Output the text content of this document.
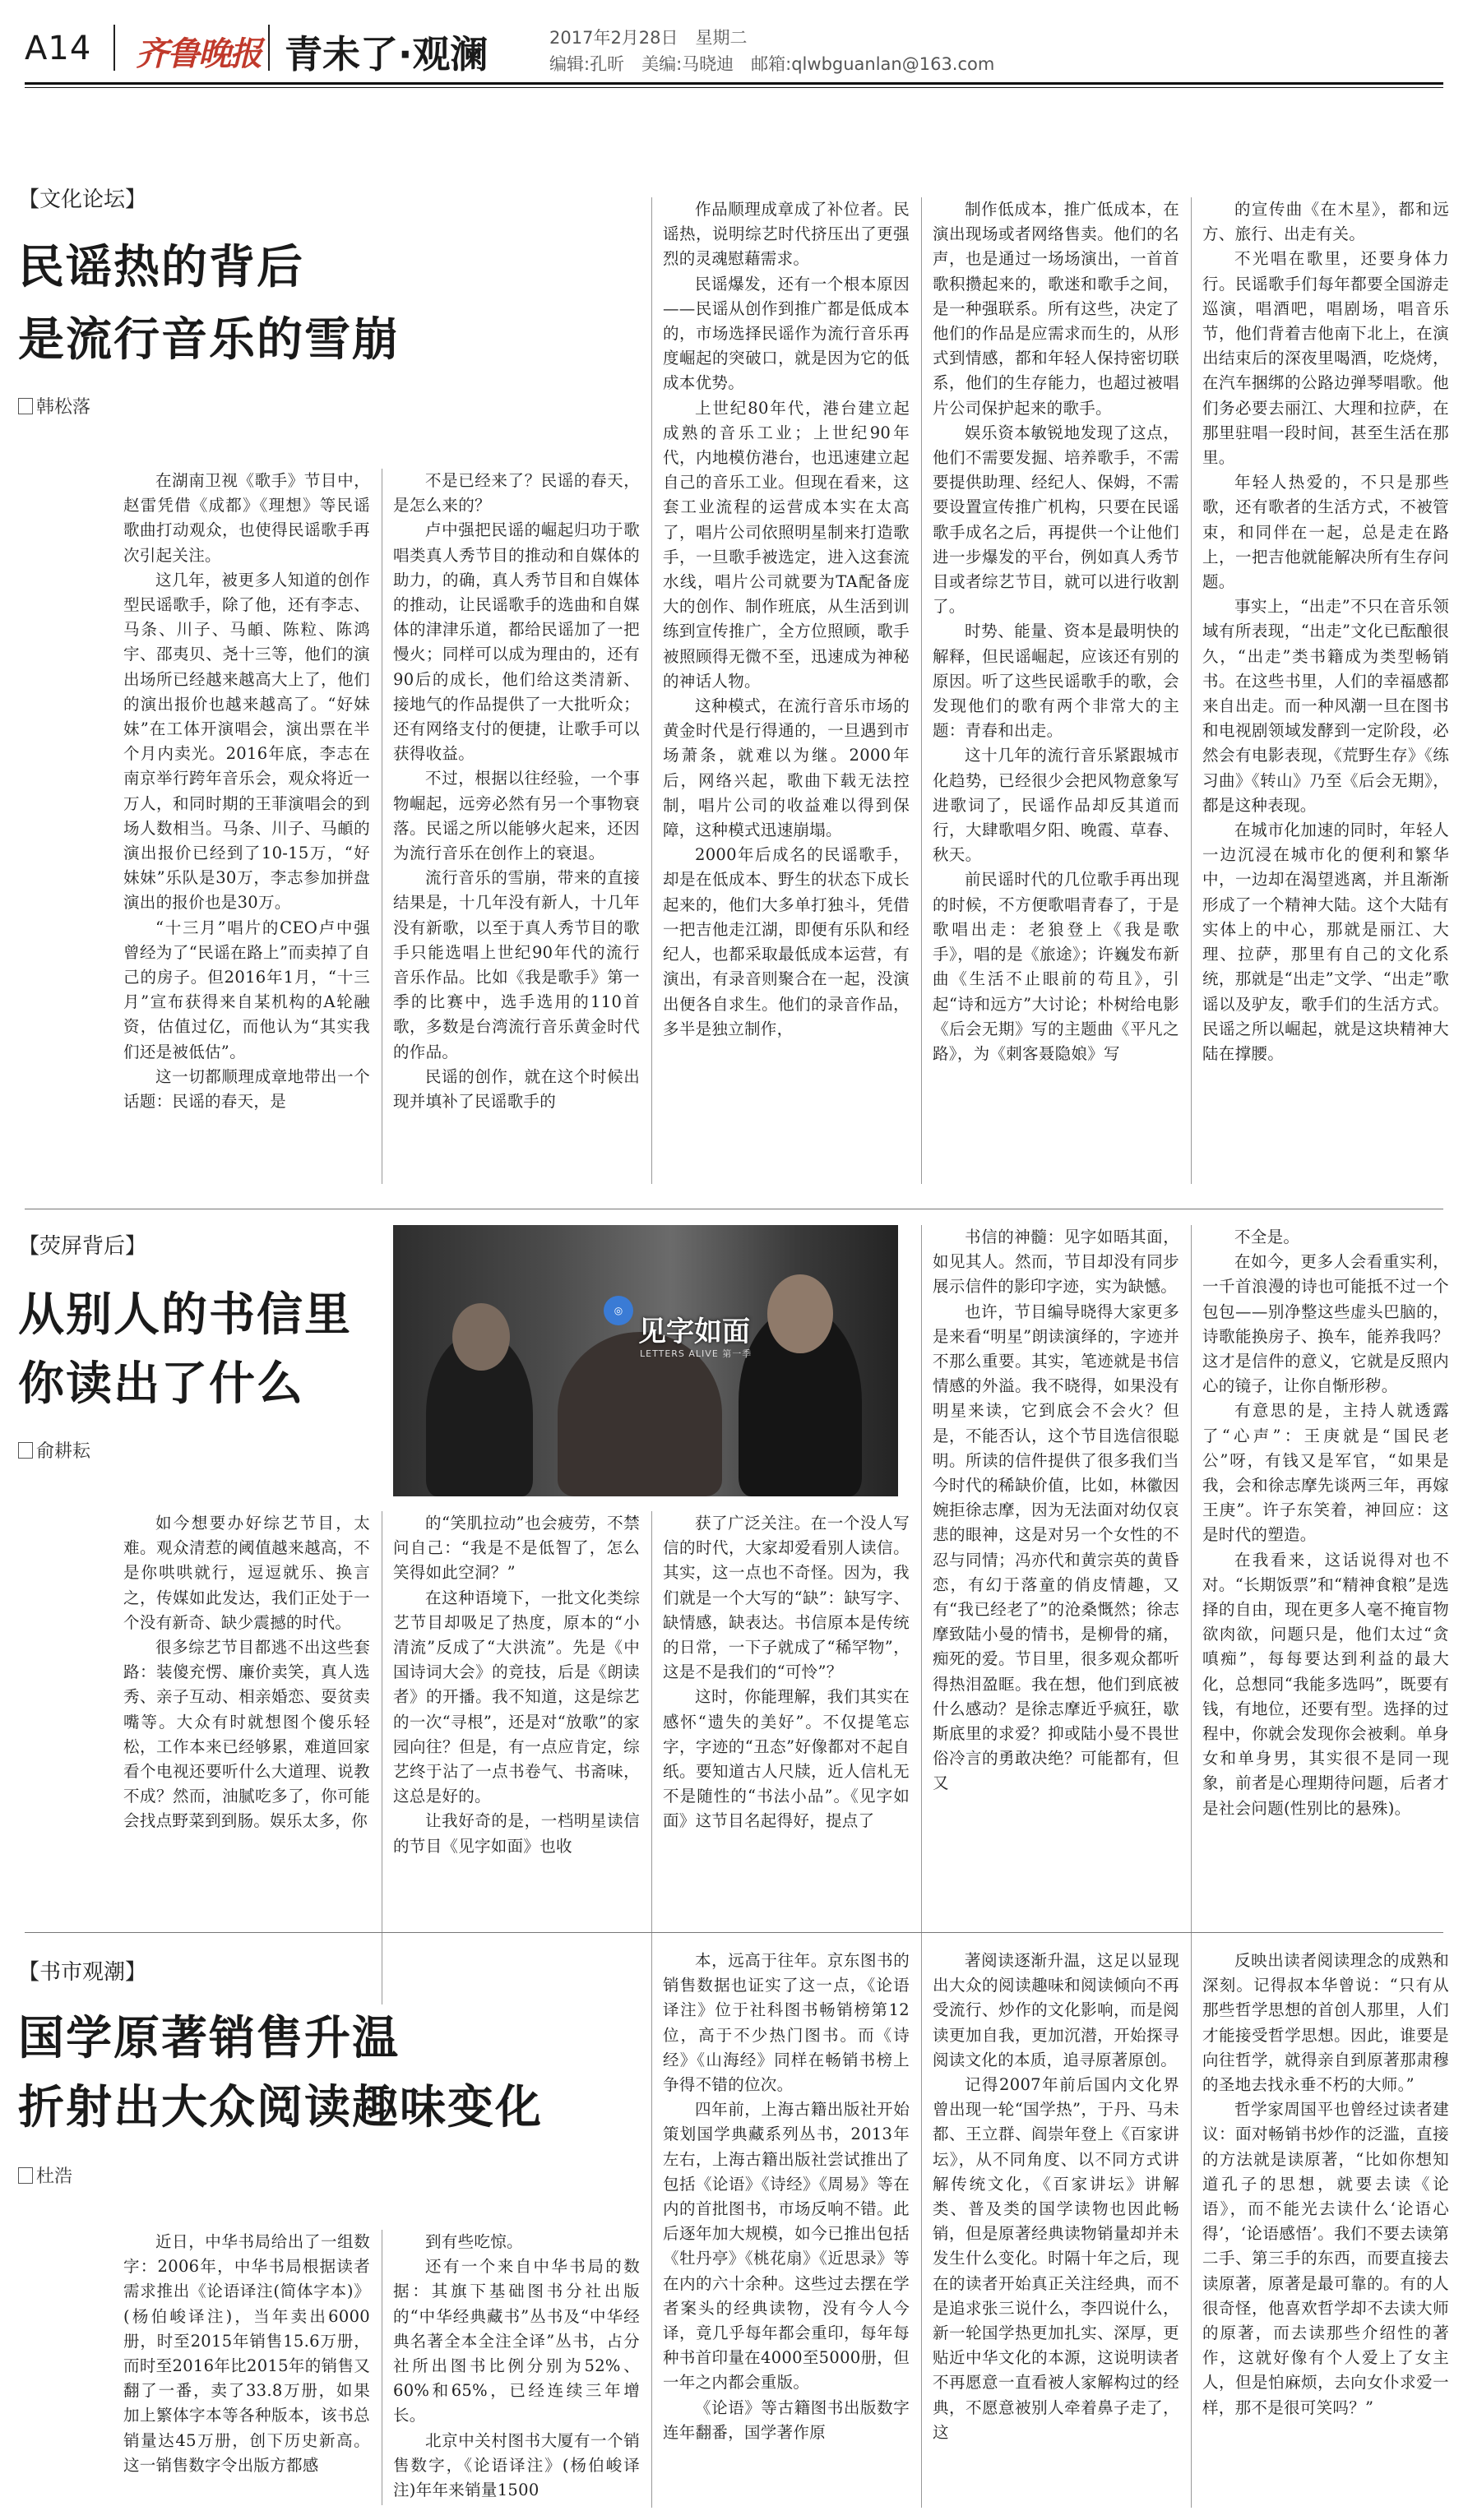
A14 齐鲁晚报 青未了·观澜	2017年2月28日　星期二
编辑:孔昕　美编:马晓迪　邮箱:qlwbguanlan@163.com
【文化论坛】
民谣热的背后
是流行音乐的雪崩
韩松落

在湖南卫视《歌手》节目中，赵雷凭借《成都》《理想》等民谣歌曲打动观众，也使得民谣歌手再次引起关注。

这几年，被更多人知道的创作型民谣歌手，除了他，还有李志、马条、川子、马頔、陈粒、陈鸿宇、邵夷贝、尧十三等，他们的演出场所已经越来越高大上了，他们的演出报价也越来越高了。“好妹妹”在工体开演唱会，演出票在半个月内卖光。2016年底，李志在南京举行跨年音乐会，观众将近一万人，和同时期的王菲演唱会的到场人数相当。马条、川子、马頔的演出报价已经到了10-15万，“好妹妹”乐队是30万，李志参加拼盘演出的报价也是30万。

“十三月”唱片的CEO卢中强曾经为了“民谣在路上”而卖掉了自己的房子。但2016年1月，“十三月”宣布获得来自某机构的A轮融资，估值过亿，而他认为“其实我们还是被低估”。

这一切都顺理成章地带出一个话题：民谣的春天，是

不是已经来了？民谣的春天，是怎么来的？

卢中强把民谣的崛起归功于歌唱类真人秀节目的推动和自媒体的助力，的确，真人秀节目和自媒体的推动，让民谣歌手的选曲和自媒体的津津乐道，都给民谣加了一把慢火；同样可以成为理由的，还有90后的成长，他们给这类清新、接地气的作品提供了一大批听众；还有网络支付的便捷，让歌手可以获得收益。

不过，根据以往经验，一个事物崛起，远旁必然有另一个事物衰落。民谣之所以能够火起来，还因为流行音乐在创作上的衰退。

流行音乐的雪崩，带来的直接结果是，十几年没有新人，十几年没有新歌，以至于真人秀节目的歌手只能选唱上世纪90年代的流行音乐作品。比如《我是歌手》第一季的比赛中，选手选用的110首歌，多数是台湾流行音乐黄金时代的作品。

民谣的创作，就在这个时候出现并填补了民谣歌手的

作品顺理成章成了补位者。民谣热，说明综艺时代挤压出了更强烈的灵魂慰藉需求。

民谣爆发，还有一个根本原因——民谣从创作到推广都是低成本的，市场选择民谣作为流行音乐再度崛起的突破口，就是因为它的低成本优势。

上世纪80年代，港台建立起成熟的音乐工业；上世纪90年代，内地模仿港台，也迅速建立起自己的音乐工业。但现在看来，这套工业流程的运营成本实在太高了，唱片公司依照明星制来打造歌手，一旦歌手被选定，进入这套流水线，唱片公司就要为TA配备庞大的创作、制作班底，从生活到训练到宣传推广，全方位照顾，歌手被照顾得无微不至，迅速成为神秘的神话人物。

这种模式，在流行音乐市场的黄金时代是行得通的，一旦遇到市场萧条，就难以为继。2000年后，网络兴起，歌曲下载无法控制，唱片公司的收益难以得到保障，这种模式迅速崩塌。

2000年后成名的民谣歌手，却是在低成本、野生的状态下成长起来的，他们大多单打独斗，凭借一把吉他走江湖，即便有乐队和经纪人，也都采取最低成本运营，有演出，有录音则聚合在一起，没演出便各自求生。他们的录音作品，多半是独立制作，

制作低成本，推广低成本，在演出现场或者网络售卖。他们的名声，也是通过一场场演出，一首首歌积攒起来的，歌迷和歌手之间，是一种强联系。所有这些，决定了他们的作品是应需求而生的，从形式到情感，都和年轻人保持密切联系，他们的生存能力，也超过被唱片公司保护起来的歌手。

娱乐资本敏锐地发现了这点，他们不需要发掘、培养歌手，不需要提供助理、经纪人、保姆，不需要设置宣传推广机构，只要在民谣歌手成名之后，再提供一个让他们进一步爆发的平台，例如真人秀节目或者综艺节目，就可以进行收割了。

时势、能量、资本是最明快的解释，但民谣崛起，应该还有别的原因。听了这些民谣歌手的歌，会发现他们的歌有两个非常大的主题：青春和出走。

这十几年的流行音乐紧跟城市化趋势，已经很少会把风物意象写进歌词了，民谣作品却反其道而行，大肆歌唱夕阳、晚霞、草春、秋天。

前民谣时代的几位歌手再出现的时候，不方便歌唱青春了，于是歌唱出走：老狼登上《我是歌手》，唱的是《旅途》；许巍发布新曲《生活不止眼前的苟且》，引起“诗和远方”大讨论；朴树给电影《后会无期》写的主题曲《平凡之路》，为《刺客聂隐娘》写

的宣传曲《在木星》，都和远方、旅行、出走有关。

不光唱在歌里，还要身体力行。民谣歌手们每年都要全国游走巡演，唱酒吧，唱剧场，唱音乐节，他们背着吉他南下北上，在演出结束后的深夜里喝酒，吃烧烤，在汽车捆绑的公路边弹琴唱歌。他们务必要去丽江、大理和拉萨，在那里驻唱一段时间，甚至生活在那里。

年轻人热爱的，不只是那些歌，还有歌者的生活方式，不被管束，和同伴在一起，总是走在路上，一把吉他就能解决所有生存问题。

事实上，“出走”不只在音乐领域有所表现，“出走”文化已酝酿很久，“出走”类书籍成为类型畅销书。在这些书里，人们的幸福感都来自出走。而一种风潮一旦在图书和电视剧领域发酵到一定阶段，必然会有电影表现，《荒野生存》《练习曲》《转山》乃至《后会无期》，都是这种表现。

在城市化加速的同时，年轻人一边沉浸在城市化的便利和繁华中，一边却在渴望逃离，并且渐渐形成了一个精神大陆。这个大陆有实体上的中心，那就是丽江、大理、拉萨，那里有自己的文化系统，那就是“出走”文学、“出走”歌谣以及驴友，歌手们的生活方式。民谣之所以崛起，就是这块精神大陆在撑腰。

【荧屏背后】
从别人的书信里
你读出了什么
俞耕耘
◎
见字如面
LETTERS ALIVE 第一季

如今想要办好综艺节目，太难。观众清惹的阈值越来越高，不是你哄哄就行，逗逗就乐、换言之，传媒如此发达，我们正处于一个没有新奇、缺少震撼的时代。

很多综艺节目都逃不出这些套路：装傻充愣、廉价卖笑，真人选秀、亲子互动、相亲婚恋、耍贫卖嘴等。大众有时就想图个傻乐轻松，工作本来已经够累，难道回家看个电视还要听什么大道理、说教不成？然而，油腻吃多了，你可能会找点野菜到到肠。娱乐太多，你

的“笑肌拉动”也会疲劳，不禁问自己：“我是不是低智了，怎么笑得如此空洞？”

在这种语境下，一批文化类综艺节目却吸足了热度，原本的“小清流”反成了“大洪流”。先是《中国诗词大会》的竞技，后是《朗读者》的开播。我不知道，这是综艺的一次“寻根”，还是对“放歌”的家园向往？但是，有一点应肯定，综艺终于沾了一点书卷气、书斋味，这总是好的。

让我好奇的是，一档明星读信的节目《见字如面》也收

获了广泛关注。在一个没人写信的时代，大家却爱看别人读信。其实，这一点也不奇怪。因为，我们就是一个大写的“缺”：缺写字、缺情感，缺表达。书信原本是传统的日常，一下子就成了“稀罕物”，这是不是我们的“可怜”？

这时，你能理解，我们其实在感怀“遗失的美好”。不仅提笔忘字，字迹的“丑态”好像都对不起自纸。要知道古人尺牍，近人信札无不是随性的“书法小品”。《见字如面》这节目名起得好，提点了

书信的神髓：见字如晤其面，如见其人。然而，节目却没有同步展示信件的影印字迹，实为缺憾。

也许，节目编导晓得大家更多是来看“明星”朗读演绎的，字迹并不那么重要。其实，笔迹就是书信情感的外溢。我不晓得，如果没有明星来读，它到底会不会火？但是，不能否认，这个节目选信很聪明。所读的信件提供了很多我们当今时代的稀缺价值，比如，林徽因婉拒徐志摩，因为无法面对幼仅哀悲的眼神，这是对另一个女性的不忍与同情；冯亦代和黄宗英的黄昏恋，有幻于落童的俏皮情趣，又有“我已经老了”的沧桑慨然；徐志摩致陆小曼的情书，是柳骨的痛，痴死的爱。节目里，很多观众都听得热泪盈眶。我在想，他们到底被什么感动？是徐志摩近乎疯狂，歇斯底里的求爱？抑或陆小曼不畏世俗冷言的勇敢决绝？可能都有，但又

不全是。

在如今，更多人会看重实利，一千首浪漫的诗也可能抵不过一个包包——别净整这些虚头巴脑的，诗歌能换房子、换车，能养我吗？这才是信件的意义，它就是反照内心的镜子，让你自惭形秽。

有意思的是，主持人就透露了“心声”：王庚就是“国民老公”呀，有钱又是军官，“如果是我，会和徐志摩先谈两三年，再嫁王庚”。许子东笑着，神回应：这是时代的塑造。

在我看来，这话说得对也不对。“长期饭票”和“精神食粮”是选择的自由，现在更多人毫不掩盲物欲肉欲，问题只是，他们太过“贪嗔痴”，每每要达到利益的最大化，总想同“我能多选吗”，既要有钱，有地位，还要有型。选择的过程中，你就会发现你会被剩。单身女和单身男，其实很不是同一现象，前者是心理期待问题，后者才是社会问题(性别比的悬殊)。

【书市观潮】
国学原著销售升温
折射出大众阅读趣味变化
杜浩

近日，中华书局给出了一组数字：2006年，中华书局根据读者需求推出《论语译注(简体字本)》(杨伯峻译注)，当年卖出6000册，时至2015年销售15.6万册，而时至2016年比2015年的销售又翻了一番，卖了33.8万册，如果加上繁体字本等各种版本，该书总销量达45万册，创下历史新高。这一销售数字令出版方都感

到有些吃惊。

还有一个来自中华书局的数据：其旗下基础图书分社出版的“中华经典藏书”丛书及“中华经典名著全本全注全译”丛书，占分社所出图书比例分别为52%、60%和65%，已经连续三年增长。

北京中关村图书大厦有一个销售数字，《论语译注》(杨伯峻译注)年年来销量1500

本，远高于往年。京东图书的销售数据也证实了这一点，《论语译注》位于社科图书畅销榜第12位，高于不少热门图书。而《诗经》《山海经》同样在畅销书榜上争得不错的位次。

四年前，上海古籍出版社开始策划国学典藏系列丛书，2013年左右，上海古籍出版社尝试推出了包括《论语》《诗经》《周易》等在内的首批图书，市场反响不错。此后逐年加大规模，如今已推出包括《牡丹亭》《桃花扇》《近思录》等在内的六十余种。这些过去摆在学者案头的经典读物，没有今人今译，竟几乎每年都会重印，每年每种书首印量在4000至5000册，但一年之内都会重版。

《论语》等古籍图书出版数字连年翻番，国学著作原

著阅读逐渐升温，这足以显现出大众的阅读趣味和阅读倾向不再受流行、炒作的文化影响，而是阅读更加自我，更加沉潜，开始探寻阅读文化的本质，追寻原著原创。

记得2007年前后国内文化界曾出现一轮“国学热”，于丹、马未都、王立群、阎崇年登上《百家讲坛》，从不同角度、以不同方式讲解传统文化，《百家讲坛》讲解类、普及类的国学读物也因此畅销，但是原著经典读物销量却并未发生什么变化。时隔十年之后，现在的读者开始真正关注经典，而不是追求张三说什么，李四说什么，新一轮国学热更加扎实、深厚，更贴近中华文化的本源，这说明读者不再愿意一直看被人家解构过的经典，不愿意被别人牵着鼻子走了，这

反映出读者阅读理念的成熟和深刻。记得叔本华曾说：“只有从那些哲学思想的首创人那里，人们才能接受哲学思想。因此，谁要是向往哲学，就得亲自到原著那肃穆的圣地去找永垂不朽的大师。”

哲学家周国平也曾经过读者建议：面对畅销书炒作的泛滥，直接的方法就是读原著，“比如你想知道孔子的思想，就要去读《论语》，而不能光去读什么‘论语心得’，‘论语感悟’。我们不要去读第二手、第三手的东西，而要直接去读原著，原著是最可靠的。有的人很奇怪，他喜欢哲学却不去读大师的原著，而去读那些介绍性的著作，这就好像有个人爱上了女主人，但是怕麻烦，去向女仆求爱一样，那不是很可笑吗？”
